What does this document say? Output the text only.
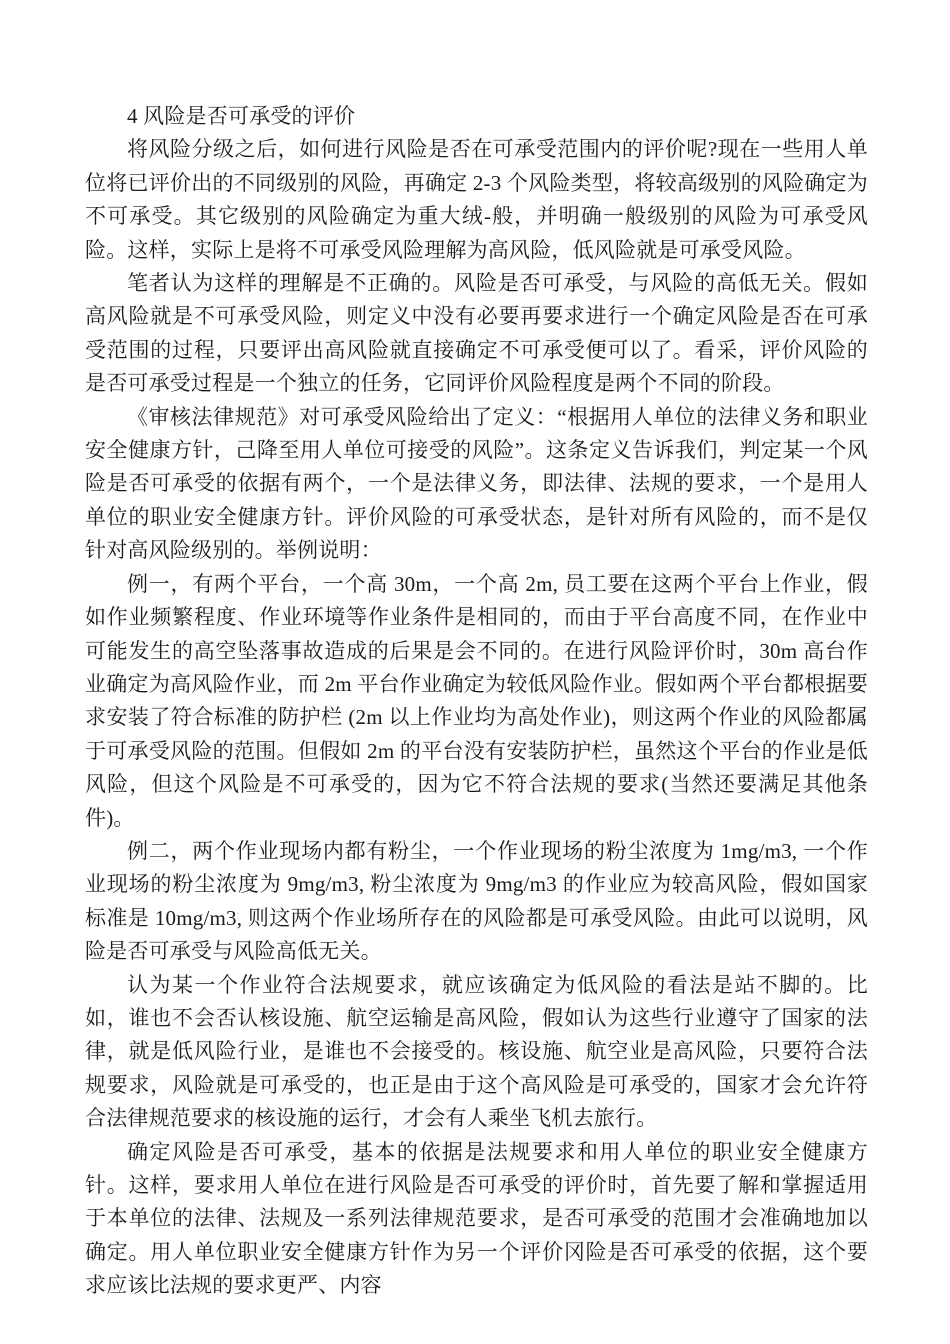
4 风险是否可承受的评价

将风险分级之后，如何进行风险是否在可承受范围内的评价呢?现在一些用人单位将已评价出的不同级别的风险，再确定 2-3 个风险类型，将较高级别的风险确定为不可承受。其它级别的风险确定为重大绒-般，并明确一般级别的风险为可承受风险。这样，实际上是将不可承受风险理解为高风险，低风险就是可承受风险。

笔者认为这样的理解是不正确的。风险是否可承受，与风险的高低无关。假如高风险就是不可承受风险，则定义中没有必要再要求进行一个确定风险是否在可承受范围的过程，只要评出高风险就直接确定不可承受便可以了。看采，评价风险的是否可承受过程是一个独立的任务，它同评价风险程度是两个不同的阶段。

《审核法律规范》对可承受风险给出了定义：“根据用人单位的法律义务和职业安全健康方针，己降至用人单位可接受的风险”。这条定义告诉我们，判定某一个风险是否可承受的依据有两个，一个是法律义务，即法律、法规的要求，一个是用人单位的职业安全健康方针。评价风险的可承受状态，是针对所有风险的，而不是仅针对高风险级别的。举例说明：

例一，有两个平台，一个高 30m，一个高 2m, 员工要在这两个平台上作业，假如作业频繁程度、作业环境等作业条件是相同的，而由于平台高度不同，在作业中可能发生的高空坠落事故造成的后果是会不同的。在进行风险评价时，30m 高台作业确定为高风险作业，而 2m 平台作业确定为较低风险作业。假如两个平台都根据要求安装了符合标准的防护栏 (2m 以上作业均为高处作业)，则这两个作业的风险都属于可承受风险的范围。但假如 2m 的平台没有安装防护栏，虽然这个平台的作业是低风险，但这个风险是不可承受的，因为它不符合法规的要求(当然还要满足其他条件)。

例二，两个作业现场内都有粉尘，一个作业现场的粉尘浓度为 1mg/m3, 一个作业现场的粉尘浓度为 9mg/m3, 粉尘浓度为 9mg/m3 的作业应为较高风险，假如国家标准是 10mg/m3, 则这两个作业场所存在的风险都是可承受风险。由此可以说明，风险是否可承受与风险高低无关。

认为某一个作业符合法规要求，就应该确定为低风险的看法是站不脚的。比如，谁也不会否认核设施、航空运输是高风险，假如认为这些行业遵守了国家的法律，就是低风险行业，是谁也不会接受的。核设施、航空业是高风险，只要符合法规要求，风险就是可承受的，也正是由于这个高风险是可承受的，国家才会允许符合法律规范要求的核设施的运行，才会有人乘坐飞机去旅行。

确定风险是否可承受，基本的依据是法规要求和用人单位的职业安全健康方针。这样，要求用人单位在进行风险是否可承受的评价时，首先要了解和掌握适用于本单位的法律、法规及一系列法律规范要求，是否可承受的范围才会准确地加以确定。用人单位职业安全健康方针作为另一个评价冈险是否可承受的依据，这个要求应该比法规的要求更严、内容
